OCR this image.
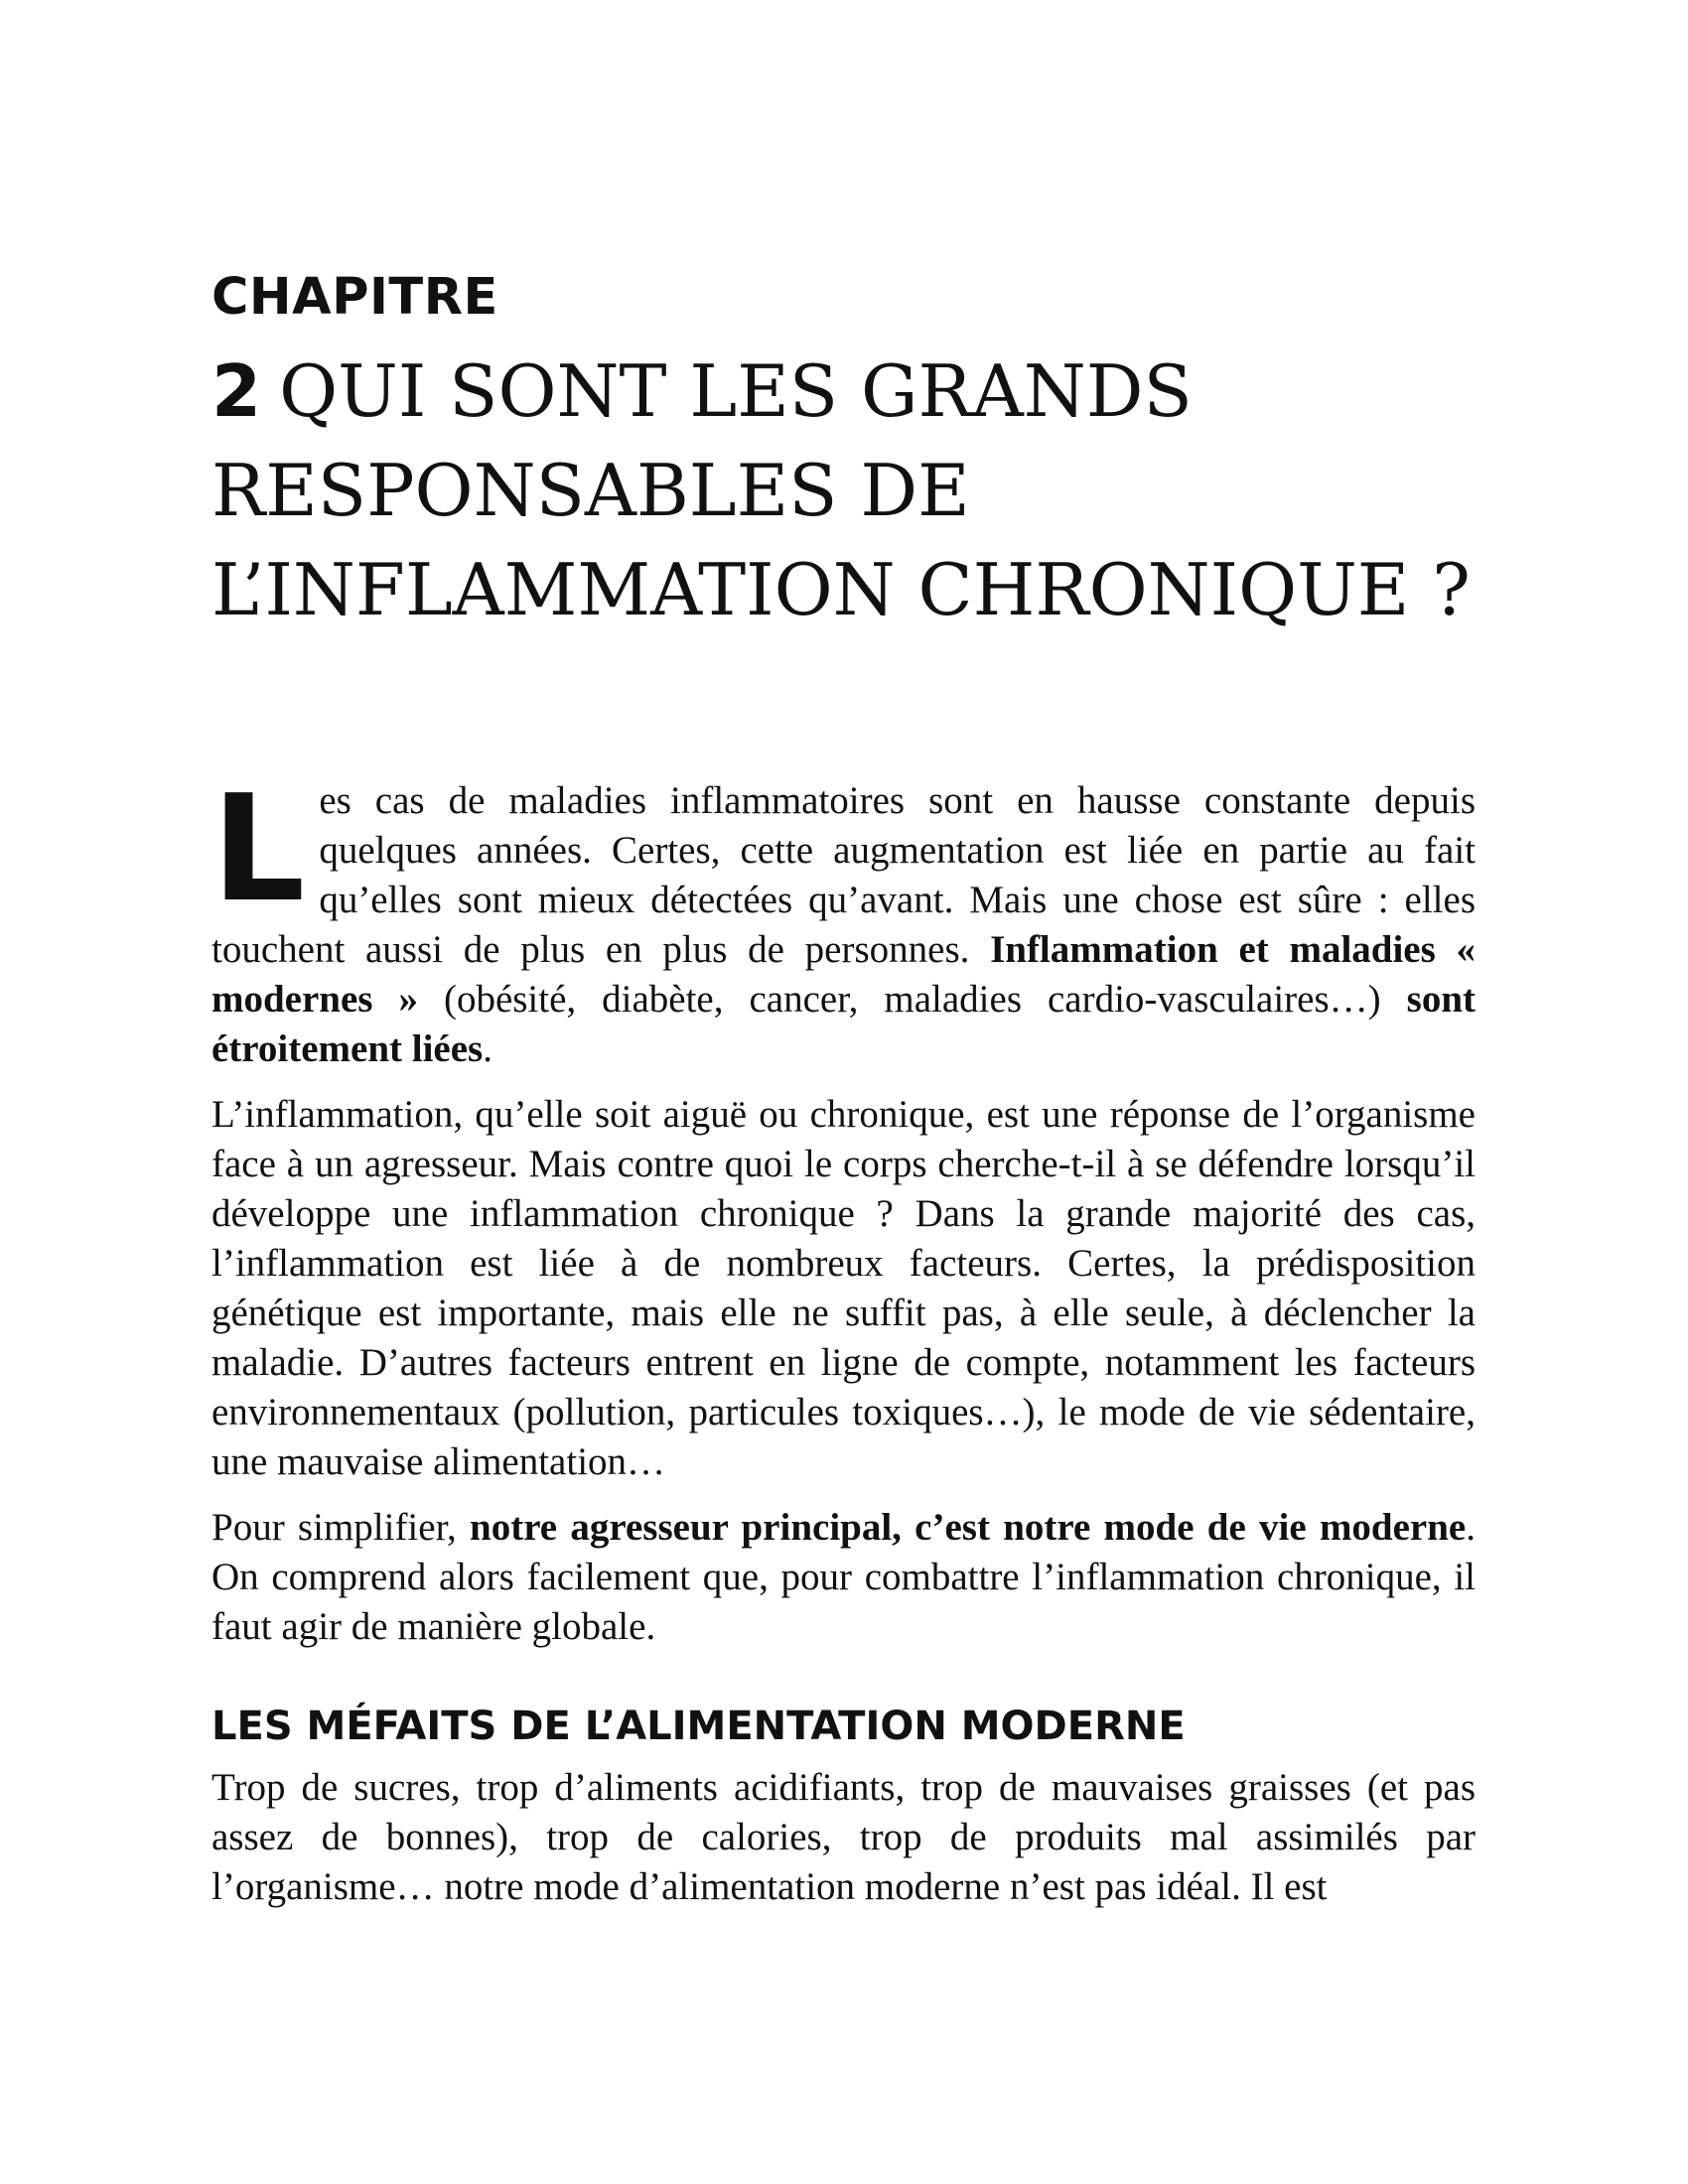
CHAPITRE
2 QUI SONT LES GRANDS
RESPONSABLES DE
L’INFLAMMATION CHRONIQUE ?

Les cas de maladies inflammatoires sont en hausse constante depuis quelques années. Certes, cette augmentation est liée en partie au fait qu’elles sont mieux détectées qu’avant. Mais une chose est sûre : elles touchent aussi de plus en plus de personnes. Inflammation et maladies « modernes » (obésité, diabète, cancer, maladies cardio-vasculaires…) sont étroitement liées.

L’inflammation, qu’elle soit aiguë ou chronique, est une réponse de l’organisme face à un agresseur. Mais contre quoi le corps cherche-t-il à se défendre lorsqu’il développe une inflammation chronique ? Dans la grande majorité des cas, l’inflammation est liée à de nombreux facteurs. Certes, la prédisposition génétique est importante, mais elle ne suffit pas, à elle seule, à déclencher la maladie. D’autres facteurs entrent en ligne de compte, notamment les facteurs environnementaux (pollution, particules toxiques…), le mode de vie sédentaire, une mauvaise alimentation…

Pour simplifier, notre agresseur principal, c’est notre mode de vie moderne. On comprend alors facilement que, pour combattre l’inflammation chronique, il faut agir de manière globale.

LES MÉFAITS DE L’ALIMENTATION MODERNE

Trop de sucres, trop d’aliments acidifiants, trop de mauvaises graisses (et pas assez de bonnes), trop de calories, trop de produits mal assimilés par l’organisme… notre mode d’alimentation moderne n’est pas idéal. Il est
